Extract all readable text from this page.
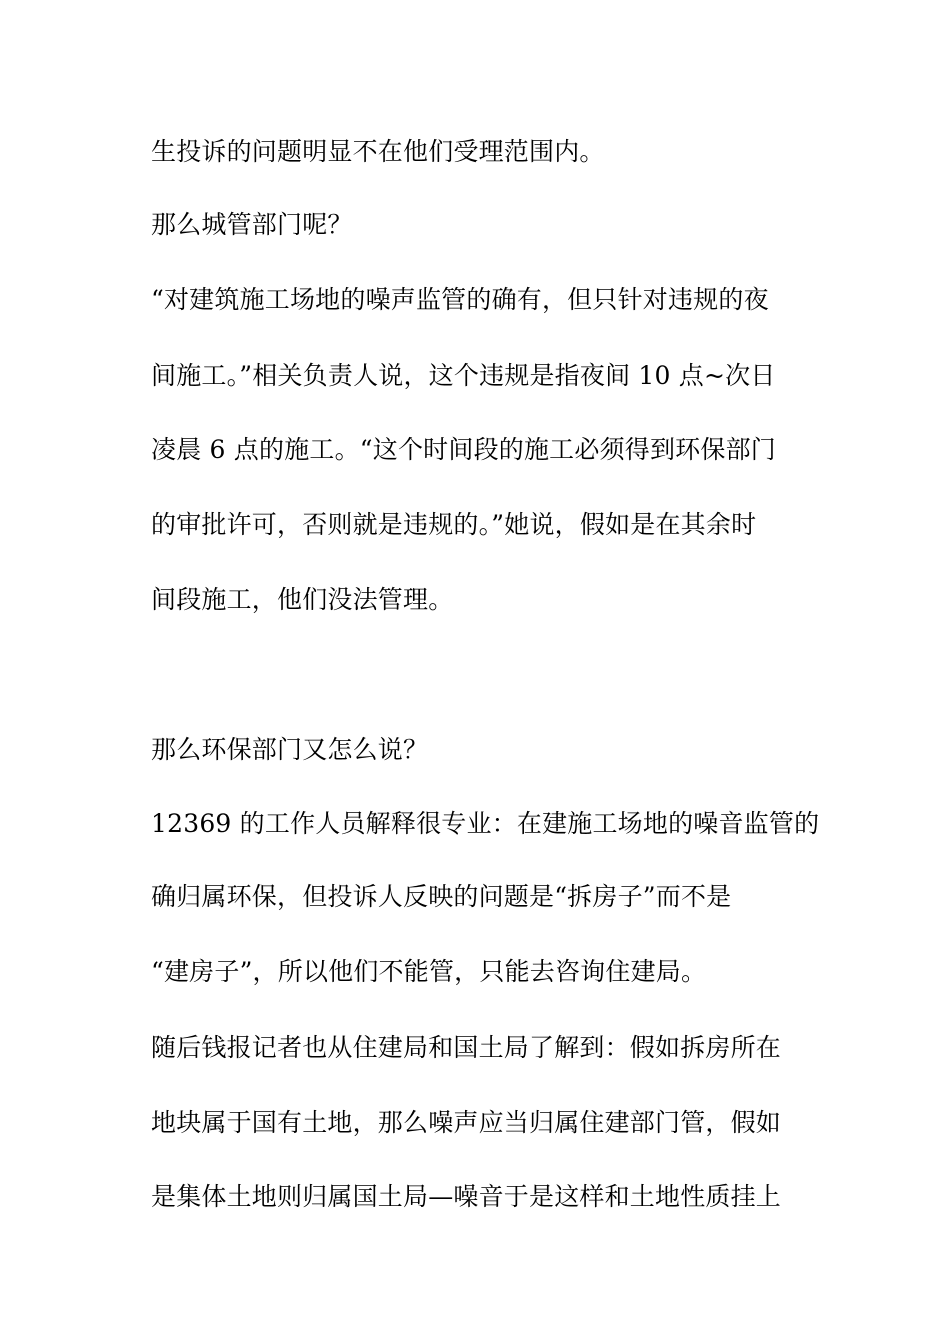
生投诉的问题明显不在他们受理范围内。
那么城管部门呢？
“对建筑施工场地的噪声监管的确有，但只针对违规的夜
间施工。”相关负责人说，这个违规是指夜间 10 点~次日
凌晨 6 点的施工。“这个时间段的施工必须得到环保部门
的审批许可，否则就是违规的。”她说，假如是在其余时
间段施工，他们没法管理。
那么环保部门又怎么说？
12369 的工作人员解释很专业：在建施工场地的噪音监管的
确归属环保，但投诉人反映的问题是“拆房子”而不是
“建房子”，所以他们不能管，只能去咨询住建局。
随后钱报记者也从住建局和国土局了解到：假如拆房所在
地块属于国有土地，那么噪声应当归属住建部门管，假如
是集体土地则归属国土局—噪音于是这样和土地性质挂上
